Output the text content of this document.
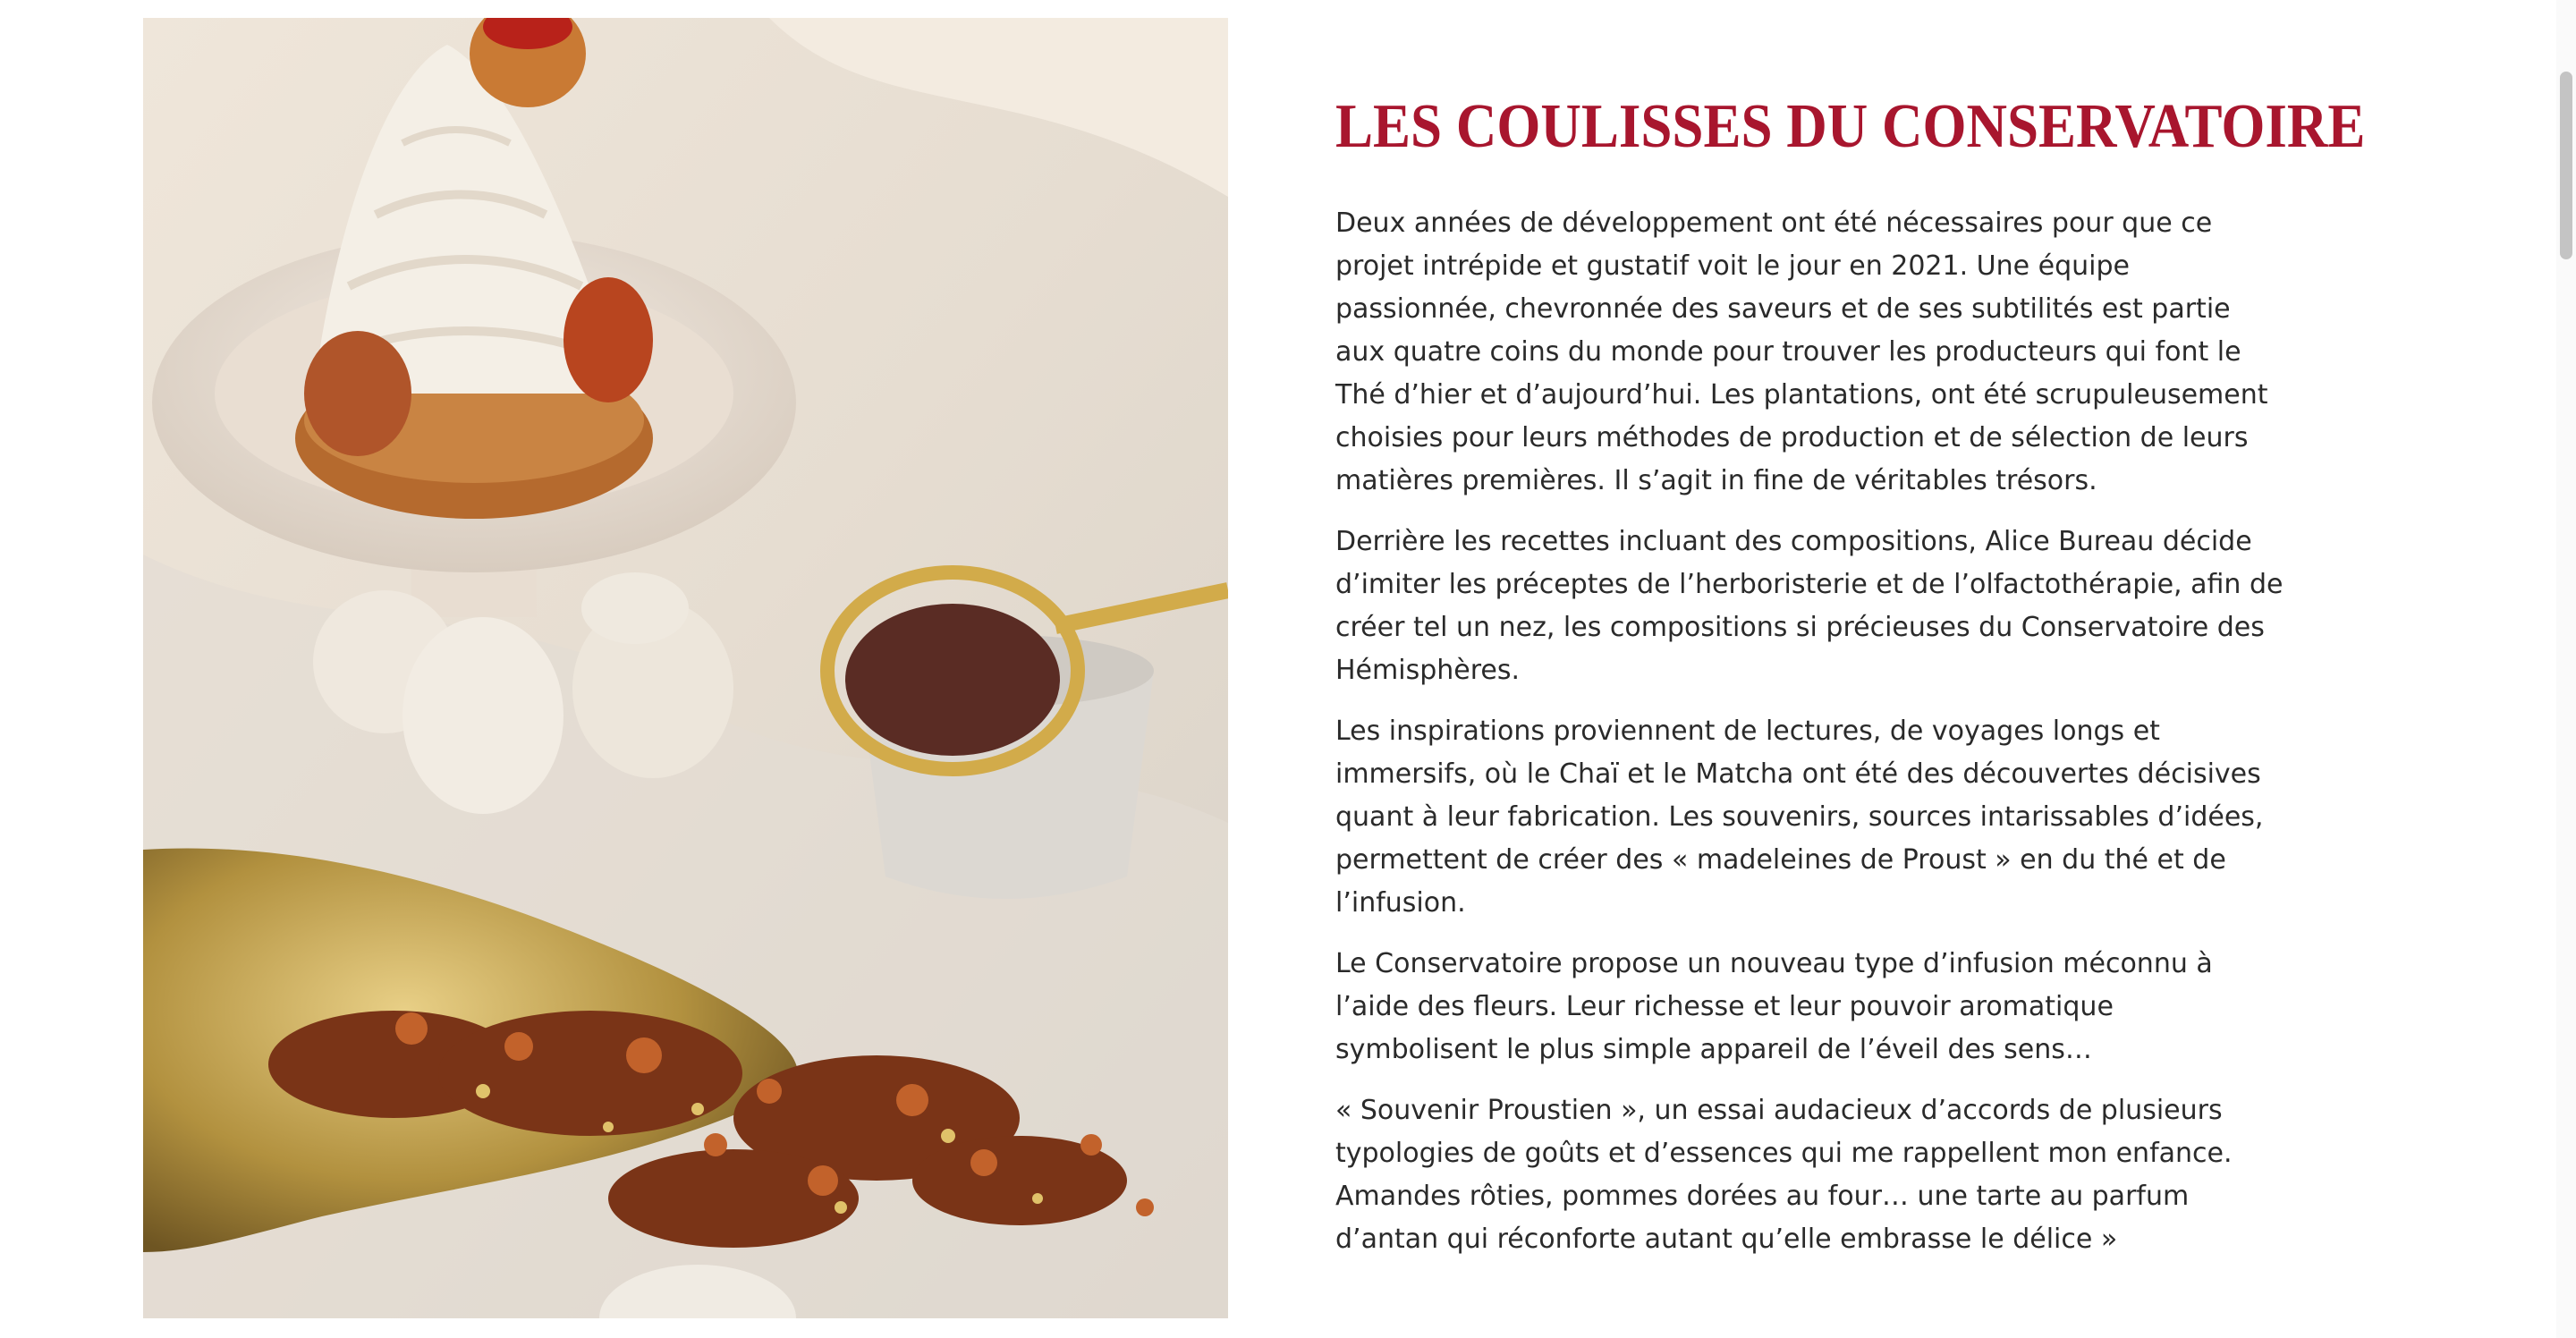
LES COULISSES DU CONSERVATOIRE

Deux années de développement ont été nécessaires pour que ce projet intrépide et gustatif voit le jour en 2021. Une équipe passionnée, chevronnée des saveurs et de ses subtilités est partie aux quatre coins du monde pour trouver les producteurs qui font le Thé d’hier et d’aujourd’hui. Les plantations, ont été scrupuleusement choisies pour leurs méthodes de production et de sélection de leurs matières premières. Il s’agit in fine de véritables trésors.

Derrière les recettes incluant des compositions, Alice Bureau décide d’imiter les préceptes de l’herboristerie et de l’olfactothérapie, afin de créer tel un nez, les compositions si précieuses du Conservatoire des Hémisphères.

Les inspirations proviennent de lectures, de voyages longs et immersifs, où le Chaï et le Matcha ont été des découvertes décisives quant à leur fabrication. Les souvenirs, sources intarissables d’idées, permettent de créer des « madeleines de Proust » en du thé et de l’infusion.

Le Conservatoire propose un nouveau type d’infusion méconnu à l’aide des fleurs. Leur richesse et leur pouvoir aromatique symbolisent le plus simple appareil de l’éveil des sens…

« Souvenir Proustien », un essai audacieux d’accords de plusieurs typologies de goûts et d’essences qui me rappellent mon enfance. Amandes rôties, pommes dorées au four… une tarte au parfum d’antan qui réconforte autant qu’elle embrasse le délice »
